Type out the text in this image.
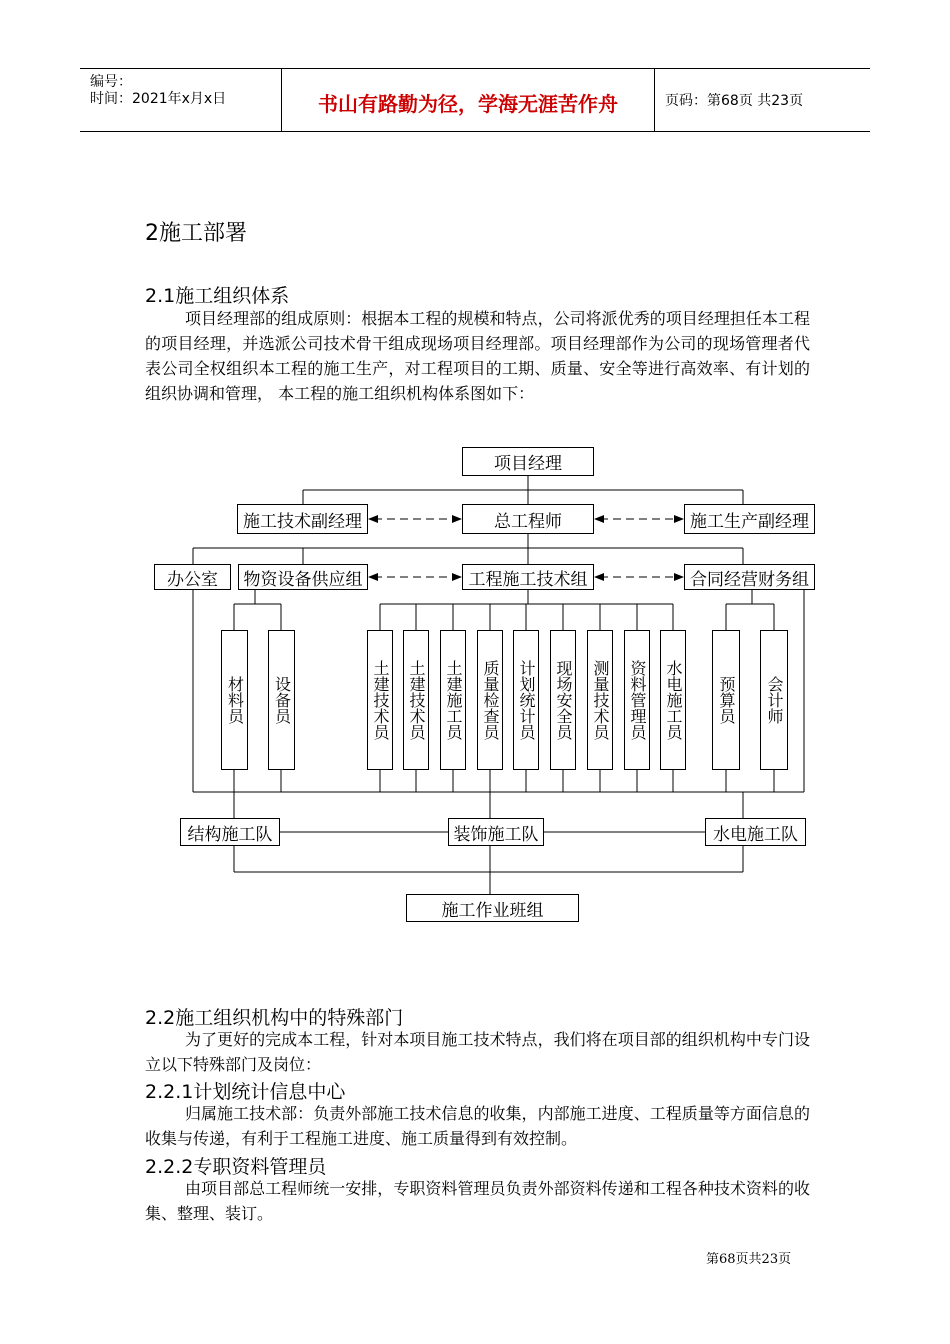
编号：
时间：2021年x月x日	书山有路勤为径，学海无涯苦作舟	页码：第68页 共23页
2施工部署
2.1施工组织体系

项目经理部的组成原则：根据本工程的规模和特点，公司将派优秀的项目经理担任本工程的项目经理，并选派公司技术骨干组成现场项目经理部。项目经理部作为公司的现场管理者代表公司全权组织本工程的施工生产，对工程项目的工期、质量、安全等进行高效率、有计划的组织协调和管理， 本工程的施工组织机构体系图如下：

项目经理
施工技术副经理	总工程师	施工生产副经理
办公室	物资设备供应组	工程施工技术组	合同经营财务组
材料员 设备员	土建技术员 土建技术员 土建施工员 质量检查员 计划统计员 现场安全员 测量技术员 资料管理员 水电施工员	预算员	会计师
结构施工队	装饰施工队	水电施工队
施工作业班组
2.2施工组织机构中的特殊部门

为了更好的完成本工程，针对本项目施工技术特点，我们将在项目部的组织机构中专门设立以下特殊部门及岗位：

2.2.1计划统计信息中心

归属施工技术部：负责外部施工技术信息的收集，内部施工进度、工程质量等方面信息的收集与传递，有利于工程施工进度、施工质量得到有效控制。

2.2.2专职资料管理员

由项目部总工程师统一安排，专职资料管理员负责外部资料传递和工程各种技术资料的收集、整理、装订。

第68页共23页
